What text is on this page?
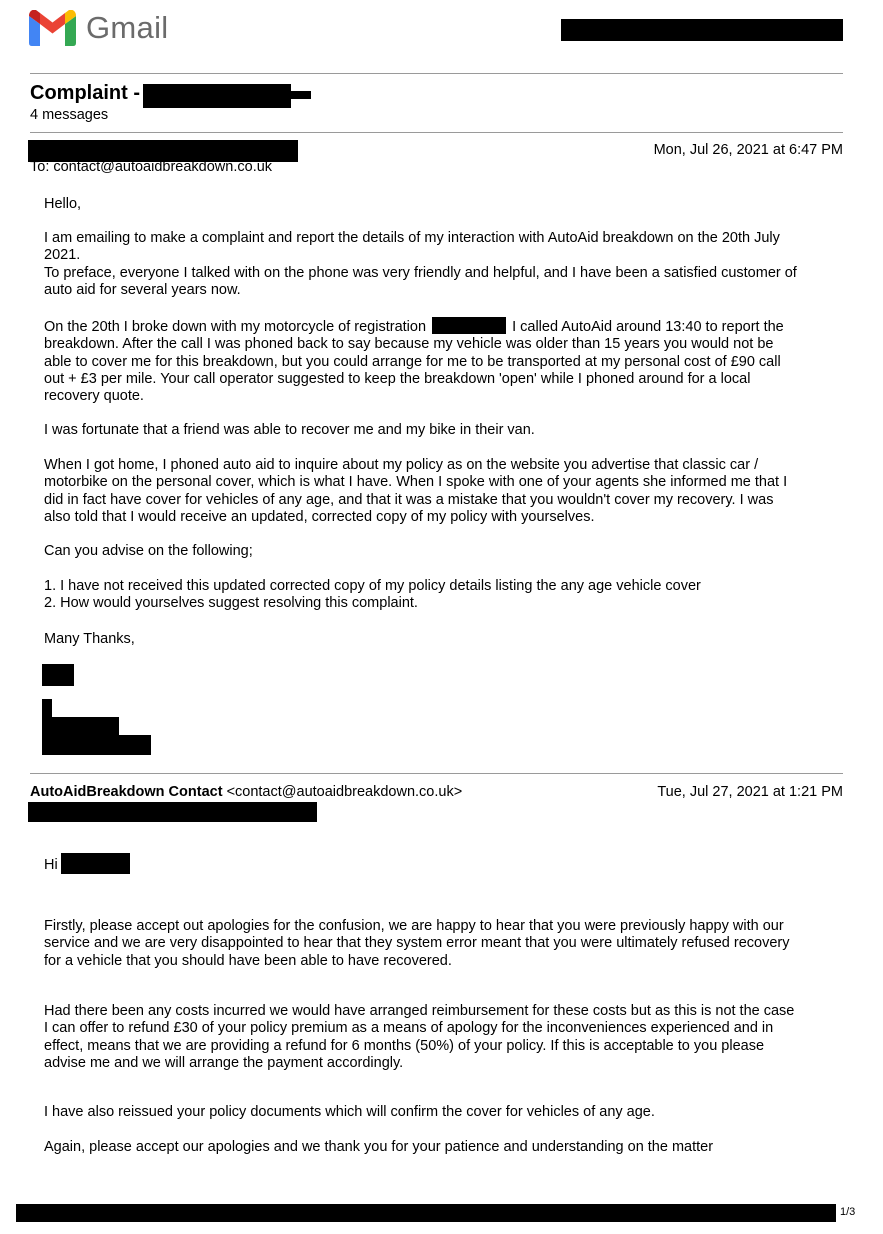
Gmail
Complaint -
4 messages
Mon, Jul 26, 2021 at 6:47 PM
To: contact@autoaidbreakdown.co.uk
Hello,
I am emailing to make a complaint and report the details of my interaction with AutoAid breakdown on the 20th July
2021.
To preface, everyone I talked with on the phone was very friendly and helpful, and I have been a satisfied customer of
auto aid for several years now.
On the 20th I broke down with my motorcycle of registration	I called AutoAid around 13:40 to report the
breakdown. After the call I was phoned back to say because my vehicle was older than 15 years you would not be
able to cover me for this breakdown, but you could arrange for me to be transported at my personal cost of £90 call
out + £3 per mile. Your call operator suggested to keep the breakdown 'open' while I phoned around for a local
recovery quote.
I was fortunate that a friend was able to recover me and my bike in their van.
When I got home, I phoned auto aid to inquire about my policy as on the website you advertise that classic car /
motorbike on the personal cover, which is what I have. When I spoke with one of your agents she informed me that I
did in fact have cover for vehicles of any age, and that it was a mistake that you wouldn't cover my recovery. I was
also told that I would receive an updated, corrected copy of my policy with yourselves.
Can you advise on the following;
1. I have not received this updated corrected copy of my policy details listing the any age vehicle cover
2. How would yourselves suggest resolving this complaint.
Many Thanks,
AutoAidBreakdown Contact <contact@autoaidbreakdown.co.uk>	Tue, Jul 27, 2021 at 1:21 PM
Hi
Firstly, please accept out apologies for the confusion, we are happy to hear that you were previously happy with our
service and we are very disappointed to hear that they system error meant that you were ultimately refused recovery
for a vehicle that you should have been able to have recovered.
Had there been any costs incurred we would have arranged reimbursement for these costs but as this is not the case
I can offer to refund £30 of your policy premium as a means of apology for the inconveniences experienced and in
effect, means that we are providing a refund for 6 months (50%) of your policy. If this is acceptable to you please
advise me and we will arrange the payment accordingly.
I have also reissued your policy documents which will confirm the cover for vehicles of any age.
Again, please accept our apologies and we thank you for your patience and understanding on the matter
1/3
